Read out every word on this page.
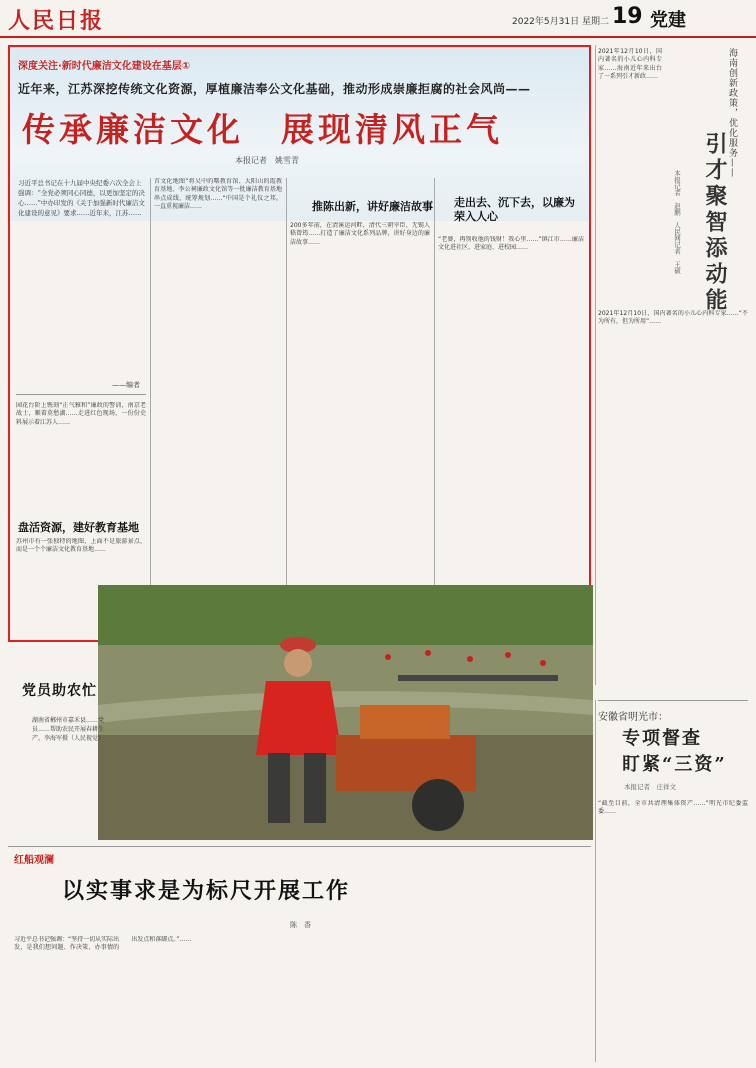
人民日报	2022年5月31日 星期二 19 党建
深度关注·新时代廉洁文化建设在基层①
近年来，江苏深挖传统文化资源，厚植廉洁奉公文化基础，推动形成崇廉拒腐的社会风尚——
传承廉洁文化　展现清风正气
本报记者　姚雪青
习近平总书记在十九届中央纪委六次全会上强调：“全党必须同心同德，以更加坚定的决心……”中办印发的《关于加强新时代廉洁文化建设的意见》要求……近年来，江苏……
——编者
园花台阶上镌刻“正气雅和”廉政的警训，南京老战士，顺着莫愁湖……走进红色现场，一份份史料展示着江苏人……
盘活资源，建好教育基地
苏州市有一张独特的地图，上面不是旅游景点，而是一个个廉洁文化教育基地……
首文化地图”将吴中的曙教育馆、大阳山的霞教育基地、李公祠廉政文化馆等一批廉洁教育基地串点成线、统筹规划……“中国是个礼仪之邦，一直重视廉洁……	推陈出新，讲好廉洁故事
200多年前，在清溪运河畔，清代三朝宰臣、无锡人嵇曾筠……打造了廉洁文化系列品牌，讲好身边的廉洁故事……
走出去、沉下去，以廉为荣入人心
“老婆，再别收他的钱财！我心里……”镇江市……廉洁文化进社区、进家庭、进校园……
海南创新政策，优化服务——
引才聚智添动能
本报记者　赵鹏　人民网记者　王硕
2021年12月10日，国内著名的小儿心内科专家……海南近年来出台了一系列引才新政……
2021年12月10日，国内著名的小儿心内科专家……“不为所有，但为所用”……
党员助农忙
湖南省郴州市嘉禾县……党员……帮助农民开展春耕生产。李海军摄（人民视觉）
安徽省明光市：
专项督查
盯紧“三资”
本报记者　庄祥文
“截至目前，全市共清理集体资产……”明光市纪委监委……
红船观澜
以实事求是为标尺开展工作
陈　香
习近平总书记强调：“坚持一切从实际出发，是我们想问题、作决策、办事情的出发点和落脚点。”……
